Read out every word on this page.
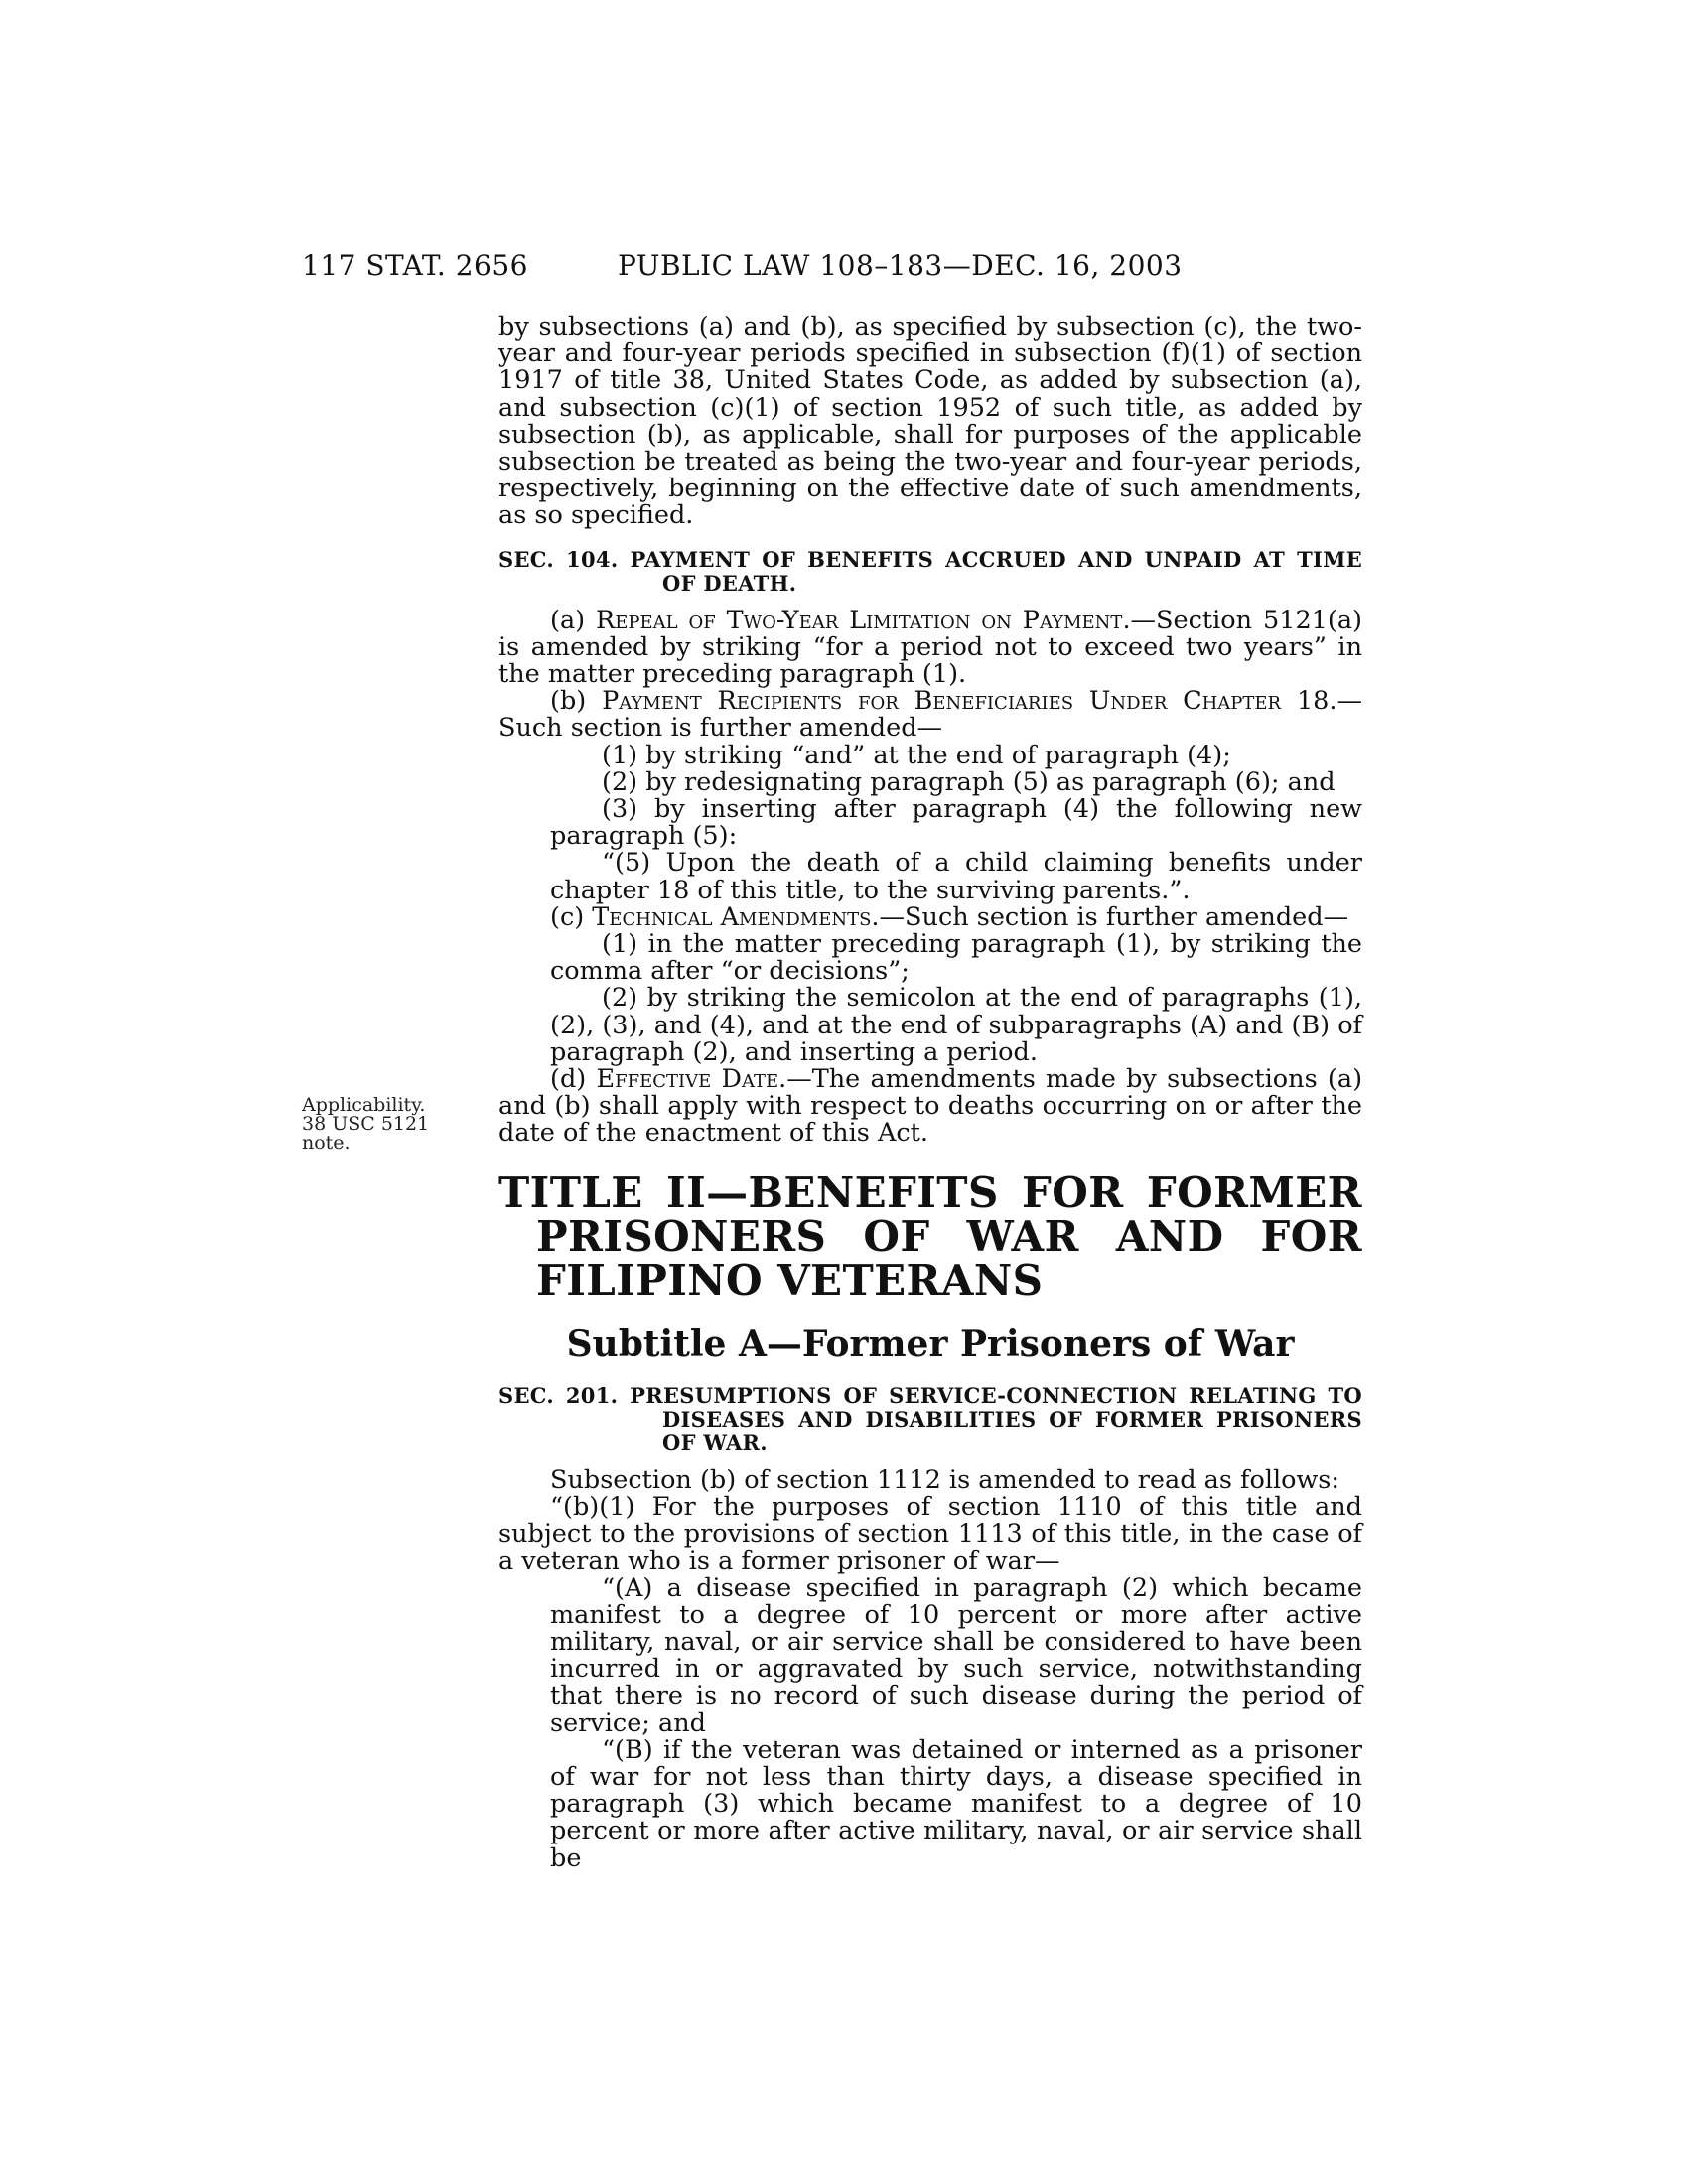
117 STAT. 2656	PUBLIC LAW 108–183—DEC. 16, 2003
Applicability.
38 USC 5121
note.

by subsections (a) and (b), as specified by subsection (c), the two-year and four-year periods specified in subsection (f)(1) of section 1917 of title 38, United States Code, as added by subsection (a), and subsection (c)(1) of section 1952 of such title, as added by subsection (b), as applicable, shall for purposes of the applicable subsection be treated as being the two-year and four-year periods, respectively, beginning on the effective date of such amendments, as so specified.

SEC. 104. PAYMENT OF BENEFITS ACCRUED AND UNPAID AT TIME OF DEATH.

(a) Repeal of Two-Year Limitation on Payment.—Section 5121(a) is amended by striking “for a period not to exceed two years” in the matter preceding paragraph (1).

(b) Payment Recipients for Beneficiaries Under Chapter 18.—Such section is further amended—

(1) by striking “and” at the end of paragraph (4);

(2) by redesignating paragraph (5) as paragraph (6); and

(3) by inserting after paragraph (4) the following new paragraph (5):

“(5) Upon the death of a child claiming benefits under chapter 18 of this title, to the surviving parents.”.

(c) Technical Amendments.—Such section is further amended—

(1) in the matter preceding paragraph (1), by striking the comma after “or decisions”;

(2) by striking the semicolon at the end of paragraphs (1), (2), (3), and (4), and at the end of subparagraphs (A) and (B) of paragraph (2), and inserting a period.

(d) Effective Date.—The amendments made by subsections (a) and (b) shall apply with respect to deaths occurring on or after the date of the enactment of this Act.

TITLE II—BENEFITS FOR FORMER PRISONERS OF WAR AND FOR FILIPINO VETERANS

Subtitle A—Former Prisoners of War

SEC. 201. PRESUMPTIONS OF SERVICE-CONNECTION RELATING TO DISEASES AND DISABILITIES OF FORMER PRISONERS OF WAR.

Subsection (b) of section 1112 is amended to read as follows:

“(b)(1) For the purposes of section 1110 of this title and subject to the provisions of section 1113 of this title, in the case of a veteran who is a former prisoner of war—

“(A) a disease specified in paragraph (2) which became manifest to a degree of 10 percent or more after active military, naval, or air service shall be considered to have been incurred in or aggravated by such service, notwithstanding that there is no record of such disease during the period of service; and

“(B) if the veteran was detained or interned as a prisoner of war for not less than thirty days, a disease specified in paragraph (3) which became manifest to a degree of 10 percent or more after active military, naval, or air service shall be
